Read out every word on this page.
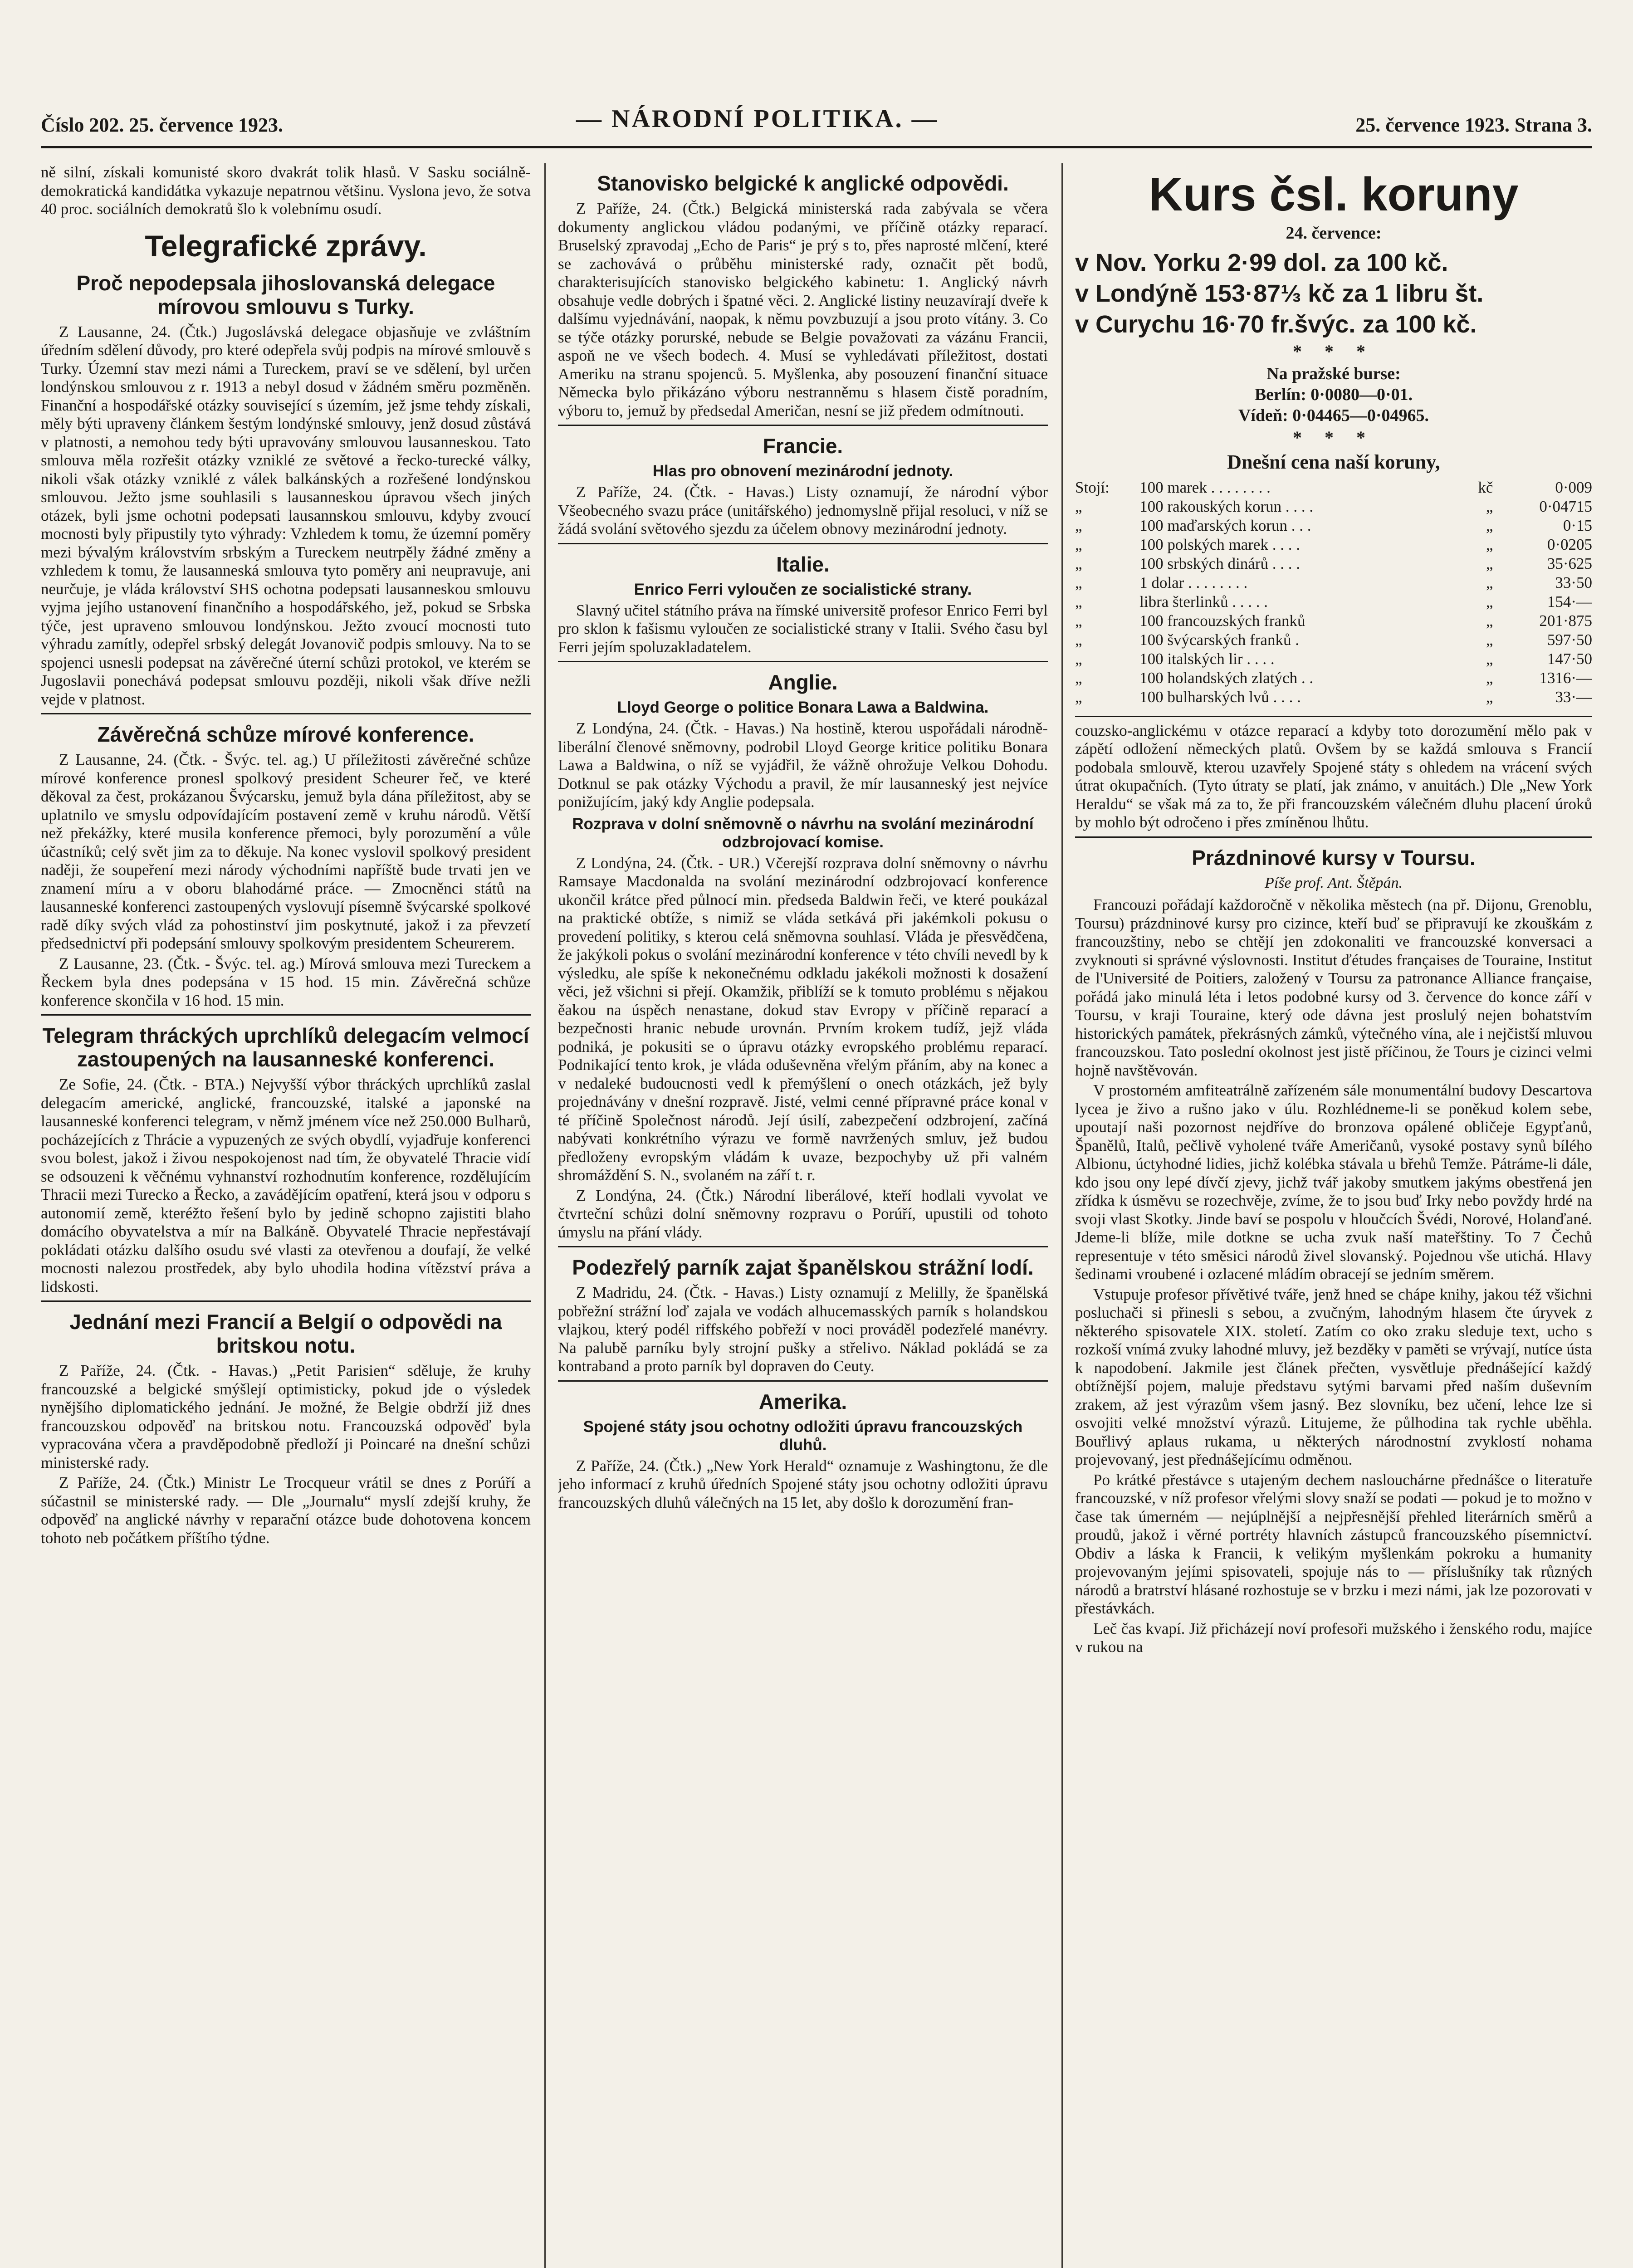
Číslo 202. 25. července 1923.	— NÁRODNÍ POLITIKA. —	25. července 1923. Strana 3.

ně silní, získali komunisté skoro dvakrát tolik hlasů. V Sasku sociálně-demokratická kandidátka vykazuje nepatrnou většinu. Vyslona jevo, že sotva 40 proc. sociálních demokratů šlo k volebnímu osudí.

Telegrafické zprávy.
Proč nepodepsala jihoslovanská delegace mírovou smlouvu s Turky.

Z Lausanne, 24. (Čtk.) Jugoslávská delegace objasňuje ve zvláštním úředním sdělení důvody, pro které odepřela svůj podpis na mírové smlouvě s Turky. Územní stav mezi námi a Tureckem, praví se ve sdělení, byl určen londýnskou smlouvou z r. 1913 a nebyl dosud v žádném směru pozměněn. Finanční a hospodářské otázky související s územím, jež jsme tehdy získali, měly býti upraveny článkem šestým londýnské smlouvy, jenž dosud zůstává v platnosti, a nemohou tedy býti upravovány smlouvou lausanneskou. Tato smlouva měla rozřešit otázky vzniklé ze světové a řecko-turecké války, nikoli však otázky vzniklé z válek balkánských a rozřešené londýnskou smlouvou. Ježto jsme souhlasili s lausanneskou úpravou všech jiných otázek, byli jsme ochotni podepsati lausannskou smlouvu, kdyby zvoucí mocnosti byly připustily tyto výhrady: Vzhledem k tomu, že územní poměry mezi bývalým královstvím srbským a Tureckem neutrpěly žádné změny a vzhledem k tomu, že lausanneská smlouva tyto poměry ani neupravuje, ani neurčuje, je vláda království SHS ochotna podepsati lausanneskou smlouvu vyjma jejího ustanovení finančního a hospodářského, jež, pokud se Srbska týče, jest upraveno smlouvou londýnskou. Ježto zvoucí mocnosti tuto výhradu zamítly, odepřel srbský delegát Jovanovič podpis smlouvy. Na to se spojenci usnesli podepsat na závěrečné úterní schůzi protokol, ve kterém se Jugoslavii ponechává podepsat smlouvu později, nikoli však dříve nežli vejde v platnost.

Závěrečná schůze mírové konference.

Z Lausanne, 24. (Čtk. - Švýc. tel. ag.) U příležitosti závěrečné schůze mírové konference pronesl spolkový president Scheurer řeč, ve které děkoval za čest, prokázanou Švýcarsku, jemuž byla dána příležitost, aby se uplatnilo ve smyslu odpovídajícím postavení země v kruhu národů. Větší než překážky, které musila konference přemoci, byly porozumění a vůle účastníků; celý svět jim za to děkuje. Na konec vyslovil spolkový president naději, že soupeření mezi národy východními napříště bude trvati jen ve znamení míru a v oboru blahodárné práce. — Zmocněnci států na lausanneské konferenci zastoupených vyslovují písemně švýcarské spolkové radě díky svých vlád za pohostinství jim poskytnuté, jakož i za převzetí předsednictví při podepsání smlouvy spolkovým presidentem Scheurerem.

Z Lausanne, 23. (Čtk. - Švýc. tel. ag.) Mírová smlouva mezi Tureckem a Řeckem byla dnes podepsána v 15 hod. 15 min. Závěrečná schůze konference skončila v 16 hod. 15 min.

Telegram thráckých uprchlíků delegacím velmocí zastoupených na lausanneské konferenci.

Ze Sofie, 24. (Čtk. - BTA.) Nejvyšší výbor thráckých uprchlíků zaslal delegacím americké, anglické, francouzské, italské a japonské na lausanneské konferenci telegram, v němž jménem více než 250.000 Bulharů, pocházejících z Thrácie a vypuzených ze svých obydlí, vyjadřuje konferenci svou bolest, jakož i živou nespokojenost nad tím, že obyvatelé Thracie vidí se odsouzeni k věčnému vyhnanství rozhodnutím konference, rozdělujícím Thracii mezi Turecko a Řecko, a zavádějícím opatření, která jsou v odporu s autonomií země, kteréžto řešení bylo by jedině schopno zajistiti blaho domácího obyvatelstva a mír na Balkáně. Obyvatelé Thracie nepřestávají pokládati otázku dalšího osudu své vlasti za otevřenou a doufají, že velké mocnosti nalezou prostředek, aby bylo uhodila hodina vítězství práva a lidskosti.

Jednání mezi Francií a Belgií o odpovědi na britskou notu.

Z Paříže, 24. (Čtk. - Havas.) „Petit Parisien“ sděluje, že kruhy francouzské a belgické smýšlejí optimisticky, pokud jde o výsledek nynějšího diplomatického jednání. Je možné, že Belgie obdrží již dnes francouzskou odpověď na britskou notu. Francouzská odpověď byla vypracována včera a pravděpodobně předloží ji Poincaré na dnešní schůzi ministerské rady.

Z Paříže, 24. (Čtk.) Ministr Le Trocqueur vrátil se dnes z Porúří a súčastnil se ministerské rady. — Dle „Journalu“ myslí zdejší kruhy, že odpověď na anglické návrhy v reparační otázce bude dohotovena koncem tohoto neb počátkem příštího týdne.

Stanovisko belgické k anglické odpovědi.

Z Paříže, 24. (Čtk.) Belgická ministerská rada zabývala se včera dokumenty anglickou vládou podanými, ve příčině otázky reparací. Bruselský zpravodaj „Echo de Paris“ je prý s to, přes naprosté mlčení, které se zachovává o průběhu ministerské rady, označit pět bodů, charakterisujících stanovisko belgického kabinetu: 1. Anglický návrh obsahuje vedle dobrých i špatné věci. 2. Anglické listiny neuzavírají dveře k dalšímu vyjednávání, naopak, k němu povzbuzují a jsou proto vítány. 3. Co se týče otázky porurské, nebude se Belgie považovati za vázánu Francii, aspoň ne ve všech bodech. 4. Musí se vyhledávati příležitost, dostati Ameriku na stranu spojenců. 5. Myšlenka, aby posouzení finanční situace Německa bylo přikázáno výboru nestranněmu s hlasem čistě poradním, výboru to, jemuž by předsedal Američan, nesní se již předem odmítnouti.

Francie.
Hlas pro obnovení mezinárodní jednoty.

Z Paříže, 24. (Čtk. - Havas.) Listy oznamují, že národní výbor Všeobecného svazu práce (unitářského) jednomyslně přijal resoluci, v níž se žádá svolání světového sjezdu za účelem obnovy mezinárodní jednoty.

Italie.
Enrico Ferri vyloučen ze socialistické strany.

Slavný učitel státního práva na římské universitě profesor Enrico Ferri byl pro sklon k fašismu vyloučen ze socialistické strany v Italii. Svého času byl Ferri jejím spoluzakladatelem.

Anglie.
Lloyd George o politice Bonara Lawa a Baldwina.

Z Londýna, 24. (Čtk. - Havas.) Na hostině, kterou uspořádali národně-liberální členové sněmovny, podrobil Lloyd George kritice politiku Bonara Lawa a Baldwina, o níž se vyjádřil, že vážně ohrožuje Velkou Dohodu. Dotknul se pak otázky Východu a pravil, že mír lausanneský jest nejvíce ponižujícím, jaký kdy Anglie podepsala.

Rozprava v dolní sněmovně o návrhu na svolání mezinárodní odzbrojovací komise.

Z Londýna, 24. (Čtk. - UR.) Včerejší rozprava dolní sněmovny o návrhu Ramsaye Macdonalda na svolání mezinárodní odzbrojovací konference ukončil krátce před půlnocí min. předseda Baldwin řeči, ve které poukázal na praktické obtíže, s nimiž se vláda setkává při jakémkoli pokusu o provedení politiky, s kterou celá sněmovna souhlasí. Vláda je přesvědčena, že jakýkoli pokus o svolání mezinárodní konference v této chvíli nevedl by k výsledku, ale spíše k nekonečnému odkladu jakékoli možnosti k dosažení věci, jež všichni si přejí. Okamžik, přiblíží se k tomuto problému s nějakou ěakou na úspěch nenastane, dokud stav Evropy v příčině reparací a bezpečnosti hranic nebude urovnán. Prvním krokem tudíž, jejž vláda podniká, je pokusiti se o úpravu otázky evropského problému reparací. Podnikající tento krok, je vláda oduševněna vřelým přáním, aby na konec a v nedaleké budoucnosti vedl k přemýšlení o onech otázkách, jež byly projednávány v dnešní rozpravě. Jisté, velmi cenné přípravné práce konal v té příčině Společnost národů. Její úsilí, zabezpečení odzbrojení, začíná nabývati konkrétního výrazu ve formě navržených smluv, jež budou předloženy evropským vládám k uvaze, bezpochyby už při valném shromáždění S. N., svolaném na září t. r.

Z Londýna, 24. (Čtk.) Národní liberálové, kteří hodlali vyvolat ve čtvrteční schůzi dolní sněmovny rozpravu o Porúří, upustili od tohoto úmyslu na přání vlády.

Podezřelý parník zajat španělskou strážní lodí.

Z Madridu, 24. (Čtk. - Havas.) Listy oznamují z Melilly, že španělská pobřežní strážní loď zajala ve vodách alhucemasských parník s holandskou vlajkou, který podél riffského pobřeží v noci prováděl podezřelé manévry. Na palubě parníku byly strojní pušky a střelivo. Náklad pokládá se za kontraband a proto parník byl dopraven do Ceuty.

Amerika.
Spojené státy jsou ochotny odložiti úpravu francouzských dluhů.

Z Paříže, 24. (Čtk.) „New York Herald“ oznamuje z Washingtonu, že dle jeho informací z kruhů úředních Spojené státy jsou ochotny odložiti úpravu francouzských dluhů válečných na 15 let, aby došlo k dorozumění fran-

Kurs čsl. koruny
24. července:
v Nov. Yorku 2·99 dol. za 100 kč.
v Londýně 153·87⅓ kč za 1 libru št.
v Curychu 16·70 fr.švýc. za 100 kč.
* * *
Na pražské burse:
Berlín: 0·0080—0·01.
Vídeň: 0·04465—0·04965.
* * *
Dnešní cena naší koruny,
Stojí:	100 marek . . . . . . . .	kč	0·009
„	100 rakouských korun . . . .	„	0·04715
„	100 maďarských korun . . .	„	0·15
„	100 polských marek . . . .	„	0·0205
„	100 srbských dinárů . . . .	„	35·625
„	1 dolar . . . . . . . .	„	33·50
„	libra šterlinků . . . . .	„	154·—
„	100 francouzských franků	„	201·875
„	100 švýcarských franků .	„	597·50
„	100 italských lir . . . .	„	147·50
„	100 holandských zlatých . .	„	1316·—
„	100 bulharských lvů . . . .	„	33·—

couzsko-anglickému v otázce reparací a kdyby toto dorozumění mělo pak v zápětí odložení německých platů. Ovšem by se každá smlouva s Francií podobala smlouvě, kterou uzavřely Spojené státy s ohledem na vrácení svých útrat okupačních. (Tyto útraty se platí, jak známo, v anuitách.) Dle „New York Heraldu“ se však má za to, že při francouzském válečném dluhu placení úroků by mohlo být odročeno i přes zmíněnou lhůtu.

Prázdninové kursy v Toursu.
Píše prof. Ant. Štěpán.

Francouzi pořádají každoročně v několika městech (na př. Dijonu, Grenoblu, Toursu) prázdninové kursy pro cizince, kteří buď se připravují ke zkouškám z francouzštiny, nebo se chtějí jen zdokonaliti ve francouzské konversaci a zvyknouti si správné výslovnosti. Institut ďétudes françaises de Touraine, Institut de l'Université de Poitiers, založený v Toursu za patronance Alliance française, pořádá jako minulá léta i letos podobné kursy od 3. července do konce září v Toursu, v kraji Touraine, který ode dávna jest proslulý nejen bohatstvím historických památek, překrásných zámků, výtečného vína, ale i nejčistší mluvou francouzskou. Tato poslední okolnost jest jistě příčinou, že Tours je cizinci velmi hojně navštěvován.

V prostorném amfiteatrálně zařízeném sále monumentální budovy Descartova lycea je živo a rušno jako v úlu. Rozhlédneme-li se poněkud kolem sebe, upoutají naši pozornost nejdříve do bronzova opálené obličeje Egypťanů, Španělů, Italů, pečlivě vyholené tváře Američanů, vysoké postavy synů bílého Albionu, úctyhodné lidies, jichž kolébka stávala u břehů Temže. Pátráme-li dále, kdo jsou ony lepé dívčí zjevy, jichž tvář jakoby smutkem jakýms obestřená jen zřídka k úsměvu se rozechvěje, zvíme, že to jsou buď Irky nebo povždy hrdé na svoji vlast Skotky. Jinde baví se pospolu v hloučcích Švédi, Norové, Holanďané. Jdeme-li blíže, mile dotkne se ucha zvuk naší mateřštiny. To 7 Čechů representuje v této směsici národů živel slovanský. Pojednou vše utichá. Hlavy šedinami vroubené i ozlacené mládím obracejí se jedním směrem.

Vstupuje profesor přívětivé tváře, jenž hned se chápe knihy, jakou též všichni posluchači si přinesli s sebou, a zvučným, lahodným hlasem čte úryvek z některého spisovatele XIX. století. Zatím co oko zraku sleduje text, ucho s rozkoší vnímá zvuky lahodné mluvy, jež bezděky v paměti se vrývají, nutíce ústa k napodobení. Jakmile jest článek přečten, vysvětluje přednášející každý obtížnější pojem, maluje představu sytými barvami před naším duševním zrakem, až jest výrazům všem jasný. Bez slovníku, bez učení, lehce lze si osvojiti velké množství výrazů. Litujeme, že půlhodina tak rychle uběhla. Bouřlivý aplaus rukama, u některých národnostní zvyklostí nohama projevovaný, jest přednášejícímu odměnou.

Po krátké přestávce s utajeným dechem naslouchárne přednášce o literatuře francouzské, v níž profesor vřelými slovy snaží se podati — pokud je to možno v čase tak úmerném — nejúplnější a nejpřesnější přehled literárních směrů a proudů, jakož i věrné portréty hlavních zástupců francouzského písemnictví. Obdiv a láska k Francii, k velikým myšlenkám pokroku a humanity projevovaným jejími spisovateli, spojuje nás to — příslušníky tak různých národů a bratrství hlásané rozhostuje se v brzku i mezi námi, jak lze pozorovati v přestávkách.

Leč čas kvapí. Již přicházejí noví profesoři mužského i ženského rodu, majíce v rukou na
